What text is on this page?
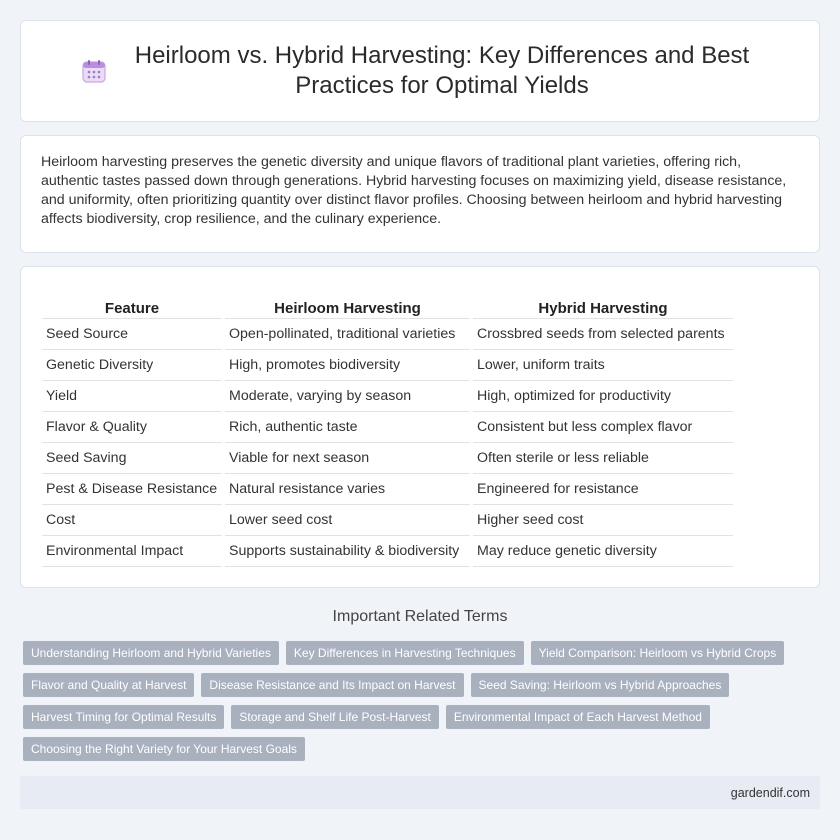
Heirloom vs. Hybrid Harvesting: Key Differences and Best Practices for Optimal Yields

Heirloom harvesting preserves the genetic diversity and unique flavors of traditional plant varieties, offering rich, authentic tastes passed down through generations. Hybrid harvesting focuses on maximizing yield, disease resistance, and uniformity, often prioritizing quantity over distinct flavor profiles. Choosing between heirloom and hybrid harvesting affects biodiversity, crop resilience, and the culinary experience.

Feature	Heirloom Harvesting	Hybrid Harvesting
Seed Source	Open-pollinated, traditional varieties	Crossbred seeds from selected parents
Genetic Diversity	High, promotes biodiversity	Lower, uniform traits
Yield	Moderate, varying by season	High, optimized for productivity
Flavor & Quality	Rich, authentic taste	Consistent but less complex flavor
Seed Saving	Viable for next season	Often sterile or less reliable
Pest & Disease Resistance	Natural resistance varies	Engineered for resistance
Cost	Lower seed cost	Higher seed cost
Environmental Impact	Supports sustainability & biodiversity	May reduce genetic diversity
Important Related Terms
Understanding Heirloom and Hybrid Varieties	Key Differences in Harvesting Techniques	Yield Comparison: Heirloom vs Hybrid Crops
Flavor and Quality at Harvest	Disease Resistance and Its Impact on Harvest	Seed Saving: Heirloom vs Hybrid Approaches
Harvest Timing for Optimal Results	Storage and Shelf Life Post-Harvest	Environmental Impact of Each Harvest Method
Choosing the Right Variety for Your Harvest Goals
gardendif.com
